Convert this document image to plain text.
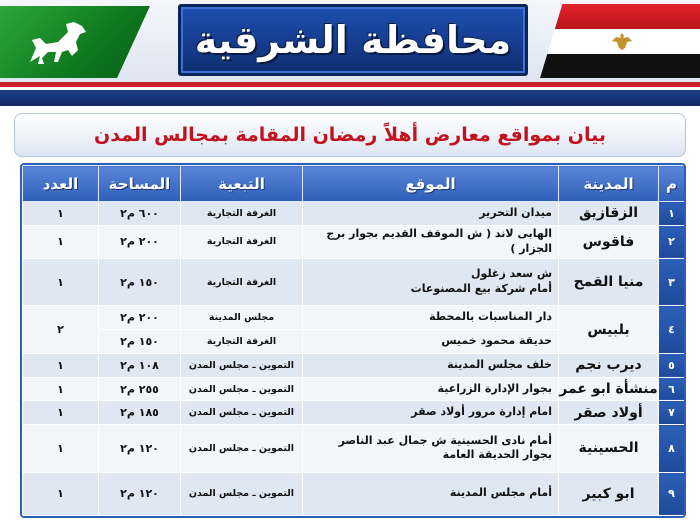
محافظة الشرقية
بيان بمواقع معارض أهلاً رمضان المقامة بمجالس المدن
م	المدينة	الموقع	التبعية	المساحة	العدد
١	الزقازيق	ميدان التحرير	الغرفة التجارية	٦٠٠ م٢	١
٢	فاقوس	الهابى لاند ( ش الموقف القديم بجوار برج الجزار )	الغرفة التجارية	٢٠٠ م٢	١
٣	منيا القمح	ش سعد زغلول
أمام شركة بيع المصنوعات	الغرفة التجارية	١٥٠ م٢	١
٤	بلبيس	دار المناسبات بالمحطة	مجلس المدينة	٢٠٠ م٢	٢
		حديقة محمود خميس	الغرفة التجارية	١٥٠ م٢	
٥	ديرب نجم	خلف مجلس المدينة	التموين ـ مجلس المدن	١٠٨ م٢	١
٦	منشأة ابو عمر	بجوار الإدارة الزراعية	التموين ـ مجلس المدن	٢٥٥ م٢	١
٧	أولاد صقر	امام إدارة مرور أولاد صقر	التموين ـ مجلس المدن	١٨٥ م٢	١
٨	الحسينية	أمام نادى الحسينية ش جمال عبد الناصر
بجوار الحديقة العامة	التموين ـ مجلس المدن	١٢٠ م٢	١
٩	ابو كبير	أمام مجلس المدينة	التموين ـ مجلس المدن	١٢٠ م٢	١
